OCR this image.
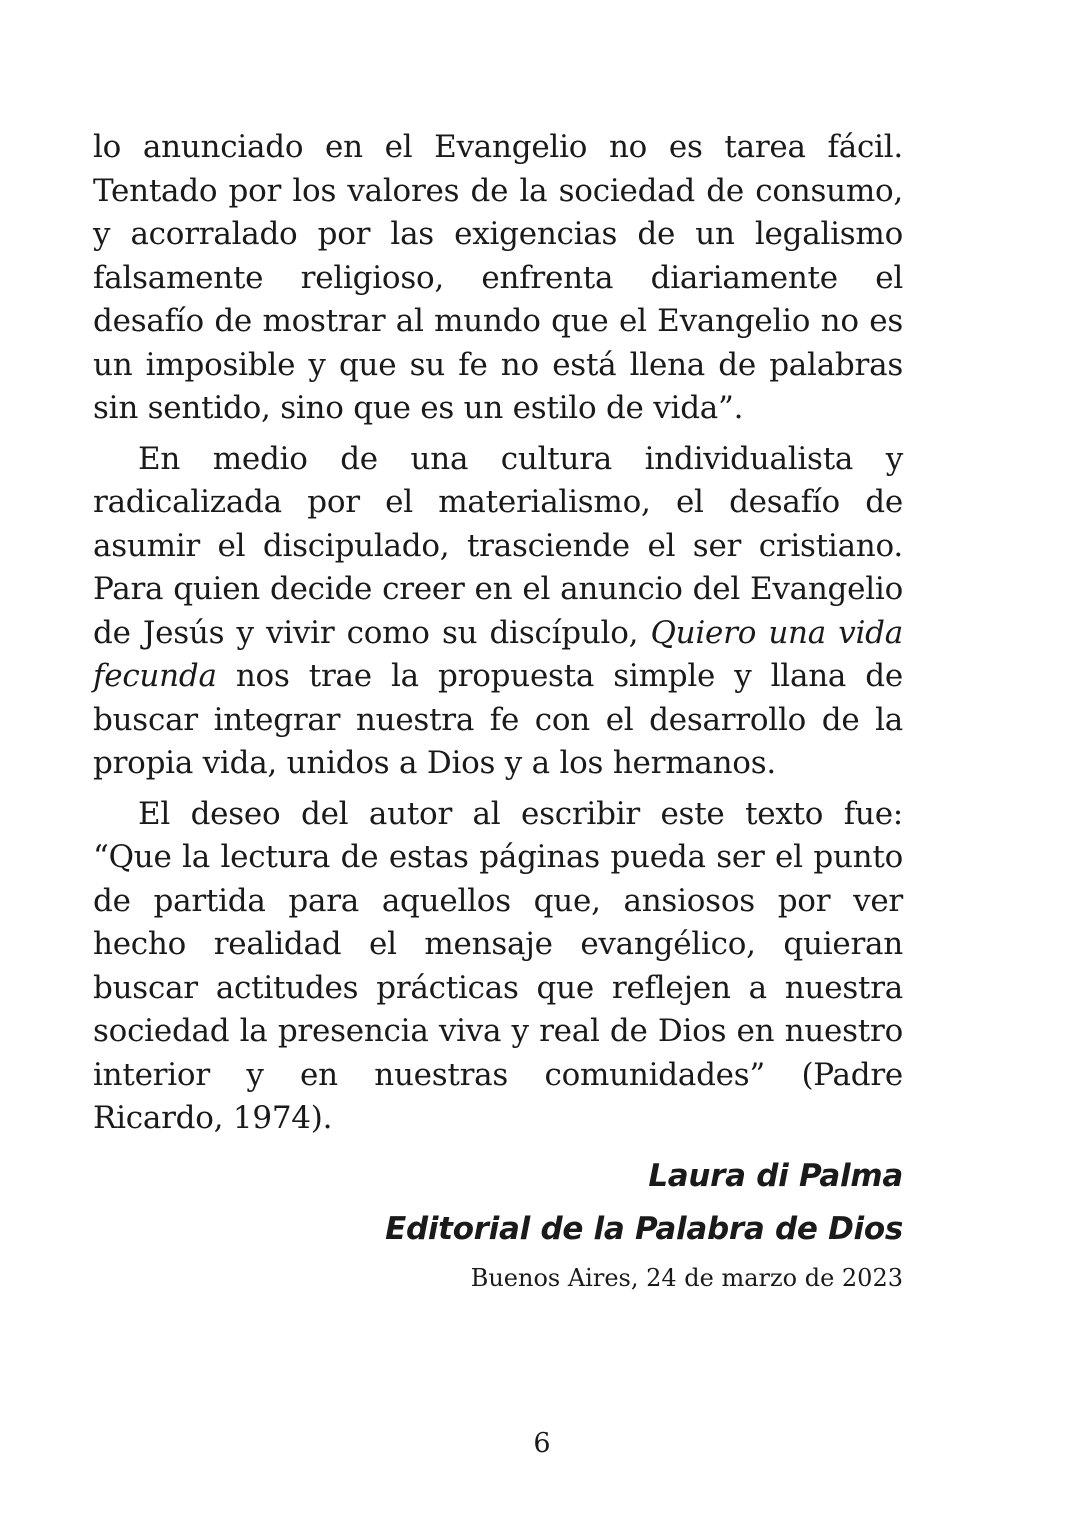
lo anunciado en el Evangelio no es tarea fácil. Tentado por los valores de la sociedad de consumo, y acorralado por las exigencias de un legalismo falsamente religioso, enfrenta diariamente el desafío de mostrar al mundo que el Evangelio no es un imposible y que su fe no está llena de palabras sin sentido, sino que es un estilo de vida”.

En medio de una cultura individualista y radicalizada por el materialismo, el desafío de asumir el discipulado, trasciende el ser cristiano. Para quien decide creer en el anuncio del Evangelio de Jesús y vivir como su discípulo, Quiero una vida fecunda nos trae la propuesta simple y llana de buscar integrar nuestra fe con el desarrollo de la propia vida, unidos a Dios y a los hermanos.

El deseo del autor al escribir este texto fue: “Que la lectura de estas páginas pueda ser el punto de partida para aquellos que, ansiosos por ver hecho realidad el mensaje evangélico, quieran buscar actitudes prácticas que reflejen a nuestra sociedad la presencia viva y real de Dios en nuestro interior y en nuestras comunidades” (Padre Ricardo, 1974).

Laura di Palma
Editorial de la Palabra de Dios
Buenos Aires, 24 de marzo de 2023
6
